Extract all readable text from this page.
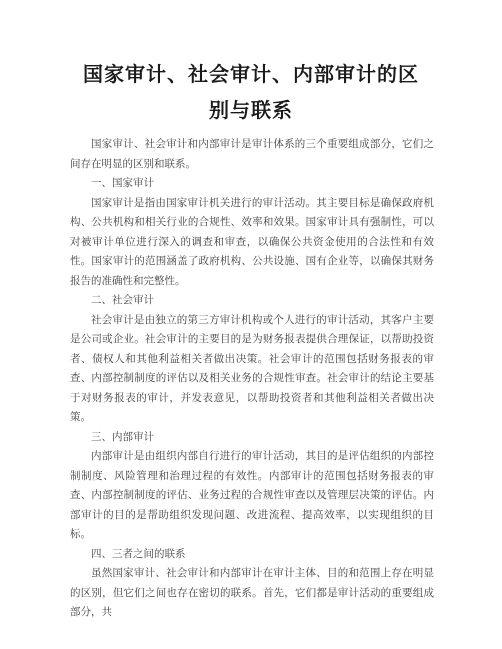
国家审计、社会审计、内部审计的区
别与联系

国家审计、社会审计和内部审计是审计体系的三个重要组成部分，它们之间存在明显的区别和联系。

一、国家审计

国家审计是指由国家审计机关进行的审计活动。其主要目标是确保政府机构、公共机构和相关行业的合规性、效率和效果。国家审计具有强制性，可以对被审计单位进行深入的调查和审查，以确保公共资金使用的合法性和有效性。国家审计的范围涵盖了政府机构、公共设施、国有企业等，以确保其财务报告的准确性和完整性。

二、社会审计

社会审计是由独立的第三方审计机构或个人进行的审计活动，其客户主要是公司或企业。社会审计的主要目的是为财务报表提供合理保证，以帮助投资者、债权人和其他利益相关者做出决策。社会审计的范围包括财务报表的审查、内部控制制度的评估以及相关业务的合规性审查。社会审计的结论主要基于对财务报表的审计，并发表意见，以帮助投资者和其他利益相关者做出决策。

三、内部审计

内部审计是由组织内部自行进行的审计活动，其目的是评估组织的内部控制制度、风险管理和治理过程的有效性。内部审计的范围包括财务报表的审查、内部控制制度的评估、业务过程的合规性审查以及管理层决策的评估。内部审计的目的是帮助组织发现问题、改进流程、提高效率，以实现组织的目标。

四、三者之间的联系

虽然国家审计、社会审计和内部审计在审计主体、目的和范围上存在明显的区别，但它们之间也存在密切的联系。首先，它们都是审计活动的重要组成部分，共
